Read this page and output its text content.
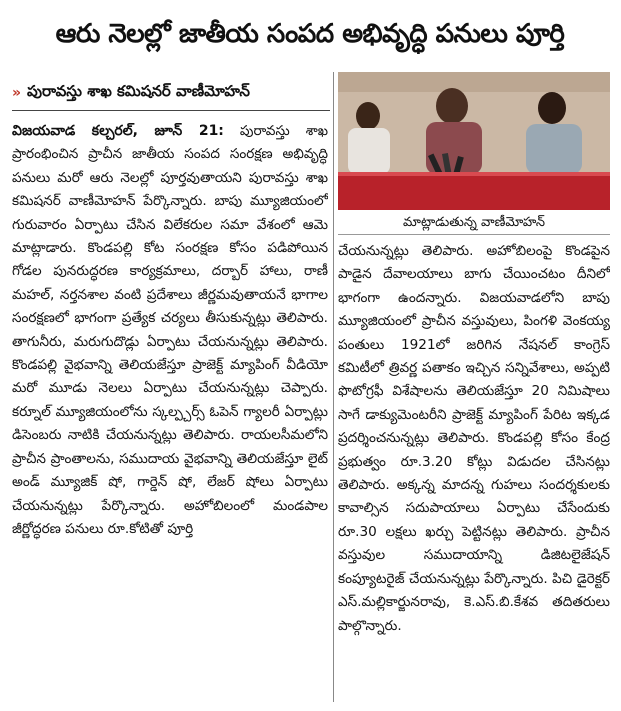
ఆరు నెలల్లో జాతీయ సంపద అభివృద్ధి పనులు పూర్తి
» పురావస్తు శాఖ కమిషనర్ వాణీమోహన్

విజయవాడ కల్చరల్, జూన్ 21: పురావస్తు శాఖ ప్రారంభించిన ప్రాచీన జాతీయ సంపద సంరక్షణ అభివృద్ధి పనులు మరో ఆరు నెలల్లో పూర్తవుతాయని పురావస్తు శాఖ కమిషనర్ వాణీమోహన్ పేర్కొన్నారు. బాపు మ్యూజియంలో గురువారం ఏర్పాటు చేసిన విలేకరుల సమా వేశంలో ఆమె మాట్లాడారు. కొండపల్లి కోట సంరక్షణ కోసం పడిపోయిన గోడల పునరుద్ధరణ కార్యక్రమాలు, దర్బార్ హాలు, రాణీ మహల్, నర్తనశాల వంటి ప్రదేశాలు జీర్ణమవుతాయనే భాగాల సంరక్షణలో భాగంగా ప్రత్యేక చర్యలు తీసుకున్నట్లు తెలిపారు. తాగునీరు, మరుగుదొడ్లు ఏర్పాటు చేయనున్నట్లు తెలిపారు. కొండపల్లి వైభవాన్ని తెలియజేస్తూ ప్రాజెక్ట్ మ్యాపింగ్ వీడియో మరో మూడు నెలలు ఏర్పాటు చేయనున్నట్లు చెప్పారు. కర్నూల్ మ్యూజియంలోను స్కల్ప్చర్స్ ఓపెన్ గ్యాలరీ ఏర్పాట్లు డిసెంబరు నాటికి చేయనున్నట్లు తెలిపారు. రాయలసీమలోని ప్రాచీన ప్రాంతాలను, సముదాయ వైభవాన్ని తెలియజేస్తూ లైట్ అండ్ మ్యూజిక్ షో, గార్డెన్ షో, లేజర్ షోలు ఏర్పాటు చేయనున్నట్లు పేర్కొన్నారు. అహోబిలంలో మండపాల జీర్ణోద్ధరణ పనులు రూ.కోటితో పూర్తి

మాట్లాడుతున్న వాణీమోహన్

చేయనున్నట్లు తెలిపారు. అహోబిలంపై కొండపైన పాడైన దేవాలయాలు బాగు చేయించటం దీనిలో భాగంగా ఉందన్నారు. విజయవాడలోని బాపు మ్యూజియంలో ప్రాచీన వస్తువులు, పింగళి వెంకయ్య పంతులు 1921లో జరిగిన నేషనల్ కాంగ్రెస్ కమిటీలో త్రివర్ణ పతాకం ఇచ్చిన సన్నివేశాలు, అప్పటి ఫొటోగ్రఫీ విశేషాలను తెలియజేస్తూ 20 నిమిషాలు సాగే డాక్యుమెంటరీని ప్రాజెక్ట్ మ్యాపింగ్ పేరిట ఇక్కడ ప్రదర్శించనున్నట్లు తెలిపారు. కొండపల్లి కోసం కేంద్ర ప్రభుత్వం రూ.3.20 కోట్లు విడుదల చేసినట్లు తెలిపారు. అక్కన్న మాదన్న గుహలు సందర్శకులకు కావాల్సిన సదుపాయాలు ఏర్పాటు చేసేందుకు రూ.30 లక్షలు ఖర్చు పెట్టినట్లు తెలిపారు. ప్రాచీన వస్తువుల సముదాయాన్ని డిజిటలైజేషన్ కంప్యూటరైజ్ చేయనున్నట్లు పేర్కొన్నారు. పిచి డైరెక్టర్ ఎస్.మల్లికార్జునరావు, కె.ఎస్.బి.కేశవ తదితరులు పాల్గొన్నారు.
